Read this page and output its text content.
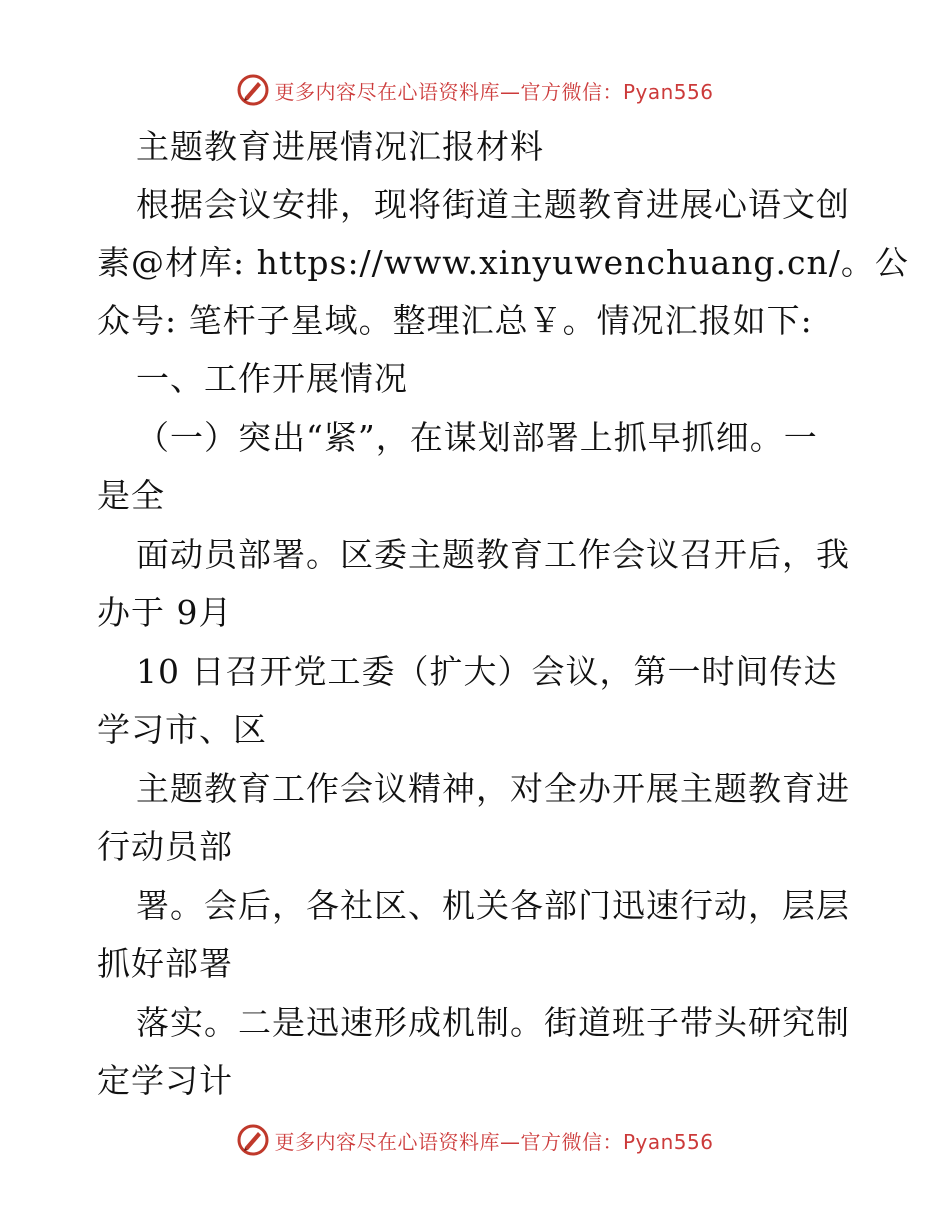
更多内容尽在心语资料库—官方微信：Pyan556
主题教育进展情况汇报材料
根据会议安排，现将街道主题教育进展心语文创
素@材库: https://www.xinyuwenchuang.cn/。公
众号: 笔杆子星域。整理汇总￥。情况汇报如下:
一、工作开展情况
（一）突出“紧”，在谋划部署上抓早抓细。一
是全
面动员部署。区委主题教育工作会议召开后，我
办于 9月
10 日召开党工委（扩大）会议，第一时间传达
学习市、区
主题教育工作会议精神，对全办开展主题教育进
行动员部
署。会后，各社区、机关各部门迅速行动，层层
抓好部署
落实。二是迅速形成机制。街道班子带头研究制
定学习计
更多内容尽在心语资料库—官方微信：Pyan556
